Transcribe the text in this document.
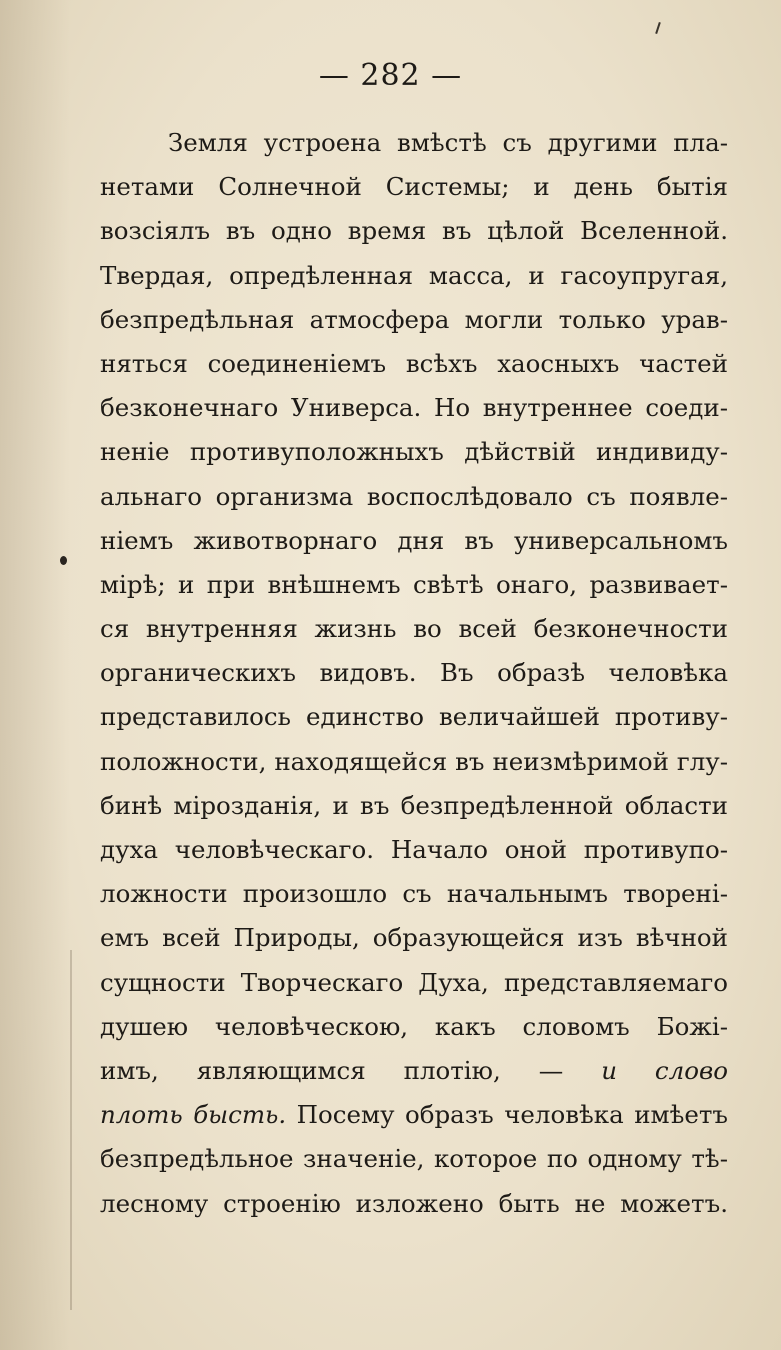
— 282 —
Земля устроена вмѣстѣ съ другими пла-
нетами Солнечной Системы; и день бытія
возсіялъ въ одно время въ цѣлой Вселенной.
Твердая, опредѣленная масса, и гасоупругая,
безпредѣльная атмосфера могли только урав-
няться соединеніемъ всѣхъ хаосныхъ частей
безконечнаго Универса. Но внутреннее соеди-
неніе противуположныхъ дѣйствій индивиду-
альнаго организма воспослѣдовало съ появле-
ніемъ животворнаго дня въ универсальномъ
мірѣ; и при внѣшнемъ свѣтѣ онаго, развивает-
ся внутренняя жизнь во всей безконечности
органическихъ видовъ. Въ образѣ человѣка
представилось единство величайшей противу-
положности, находящейся въ неизмѣримой глу-
бинѣ мірозданія, и въ безпредѣленной области
духа человѣческаго. Начало оной противупо-
ложности произошло съ начальнымъ творені-
емъ всей Природы, образующейся изъ вѣчной
сущности Творческаго Духа, представляемаго
душею человѣческою, какъ словомъ Божі-
имъ, являющимся плотію, — и слово
плоть бысть. Посему образъ человѣка имѣетъ
безпредѣльное значеніе, которое по одному тѣ-
лесному строенію изложено быть не можетъ.
